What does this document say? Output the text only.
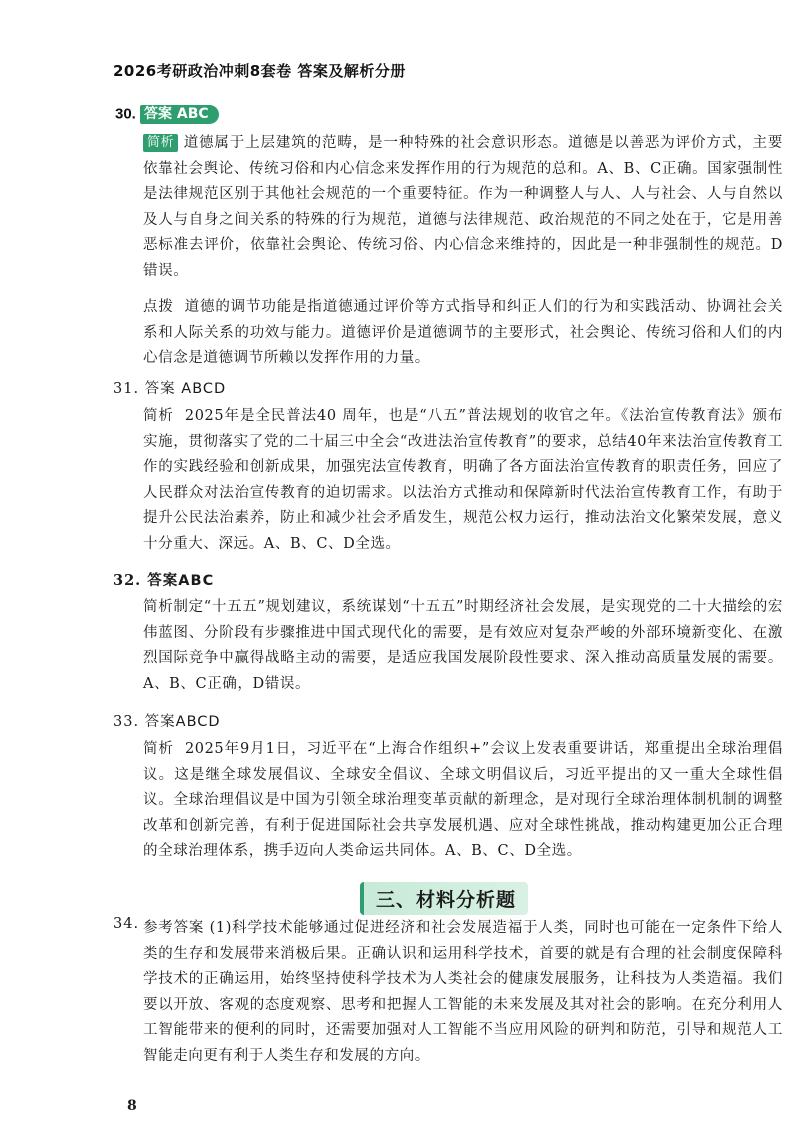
2026考研政治冲刺8套卷 答案及解析分册
30. 答案 ABC
简析 道德属于上层建筑的范畴，是一种特殊的社会意识形态。道德是以善恶为评价方式，主要依靠社会舆论、传统习俗和内心信念来发挥作用的行为规范的总和。A、B、C正确。国家强制性是法律规范区别于其他社会规范的一个重要特征。作为一种调整人与人、人与社会、人与自然以及人与自身之间关系的特殊的行为规范，道德与法律规范、政治规范的不同之处在于，它是用善恶标准去评价，依靠社会舆论、传统习俗、内心信念来维持的，因此是一种非强制性的规范。D错误。
点拨 道德的调节功能是指道德通过评价等方式指导和纠正人们的行为和实践活动、协调社会关系和人际关系的功效与能力。道德评价是道德调节的主要形式，社会舆论、传统习俗和人们的内心信念是道德调节所赖以发挥作用的力量。
31. 答案 ABCD
简析 2025年是全民普法40 周年，也是“八五”普法规划的收官之年。《法治宣传教育法》颁布实施，贯彻落实了党的二十届三中全会“改进法治宣传教育”的要求，总结40年来法治宣传教育工作的实践经验和创新成果，加强宪法宣传教育，明确了各方面法治宣传教育的职责任务，回应了人民群众对法治宣传教育的迫切需求。以法治方式推动和保障新时代法治宣传教育工作，有助于提升公民法治素养，防止和减少社会矛盾发生，规范公权力运行，推动法治文化繁荣发展，意义十分重大、深远。A、B、C、D全选。
32. 答案ABC
简析制定“十五五”规划建议，系统谋划“十五五”时期经济社会发展，是实现党的二十大描绘的宏伟蓝图、分阶段有步骤推进中国式现代化的需要，是有效应对复杂严峻的外部环境新变化、在激烈国际竞争中赢得战略主动的需要，是适应我国发展阶段性要求、深入推动高质量发展的需要。A、B、C正确，D错误。
33. 答案ABCD
简析 2025年9月1日，习近平在“上海合作组织+”会议上发表重要讲话，郑重提出全球治理倡议。这是继全球发展倡议、全球安全倡议、全球文明倡议后，习近平提出的又一重大全球性倡议。全球治理倡议是中国为引领全球治理变革贡献的新理念，是对现行全球治理体制机制的调整改革和创新完善，有利于促进国际社会共享发展机遇、应对全球性挑战，推动构建更加公正合理的全球治理体系，携手迈向人类命运共同体。A、B、C、D全选。
三、材料分析题
34. 参考答案 (1)科学技术能够通过促进经济和社会发展造福于人类，同时也可能在一定条件下给人类的生存和发展带来消极后果。正确认识和运用科学技术，首要的就是有合理的社会制度保障科学技术的正确运用，始终坚持使科学技术为人类社会的健康发展服务，让科技为人类造福。我们要以开放、客观的态度观察、思考和把握人工智能的未来发展及其对社会的影响。在充分利用人工智能带来的便利的同时，还需要加强对人工智能不当应用风险的研判和防范，引导和规范人工智能走向更有利于人类生存和发展的方向。
8
